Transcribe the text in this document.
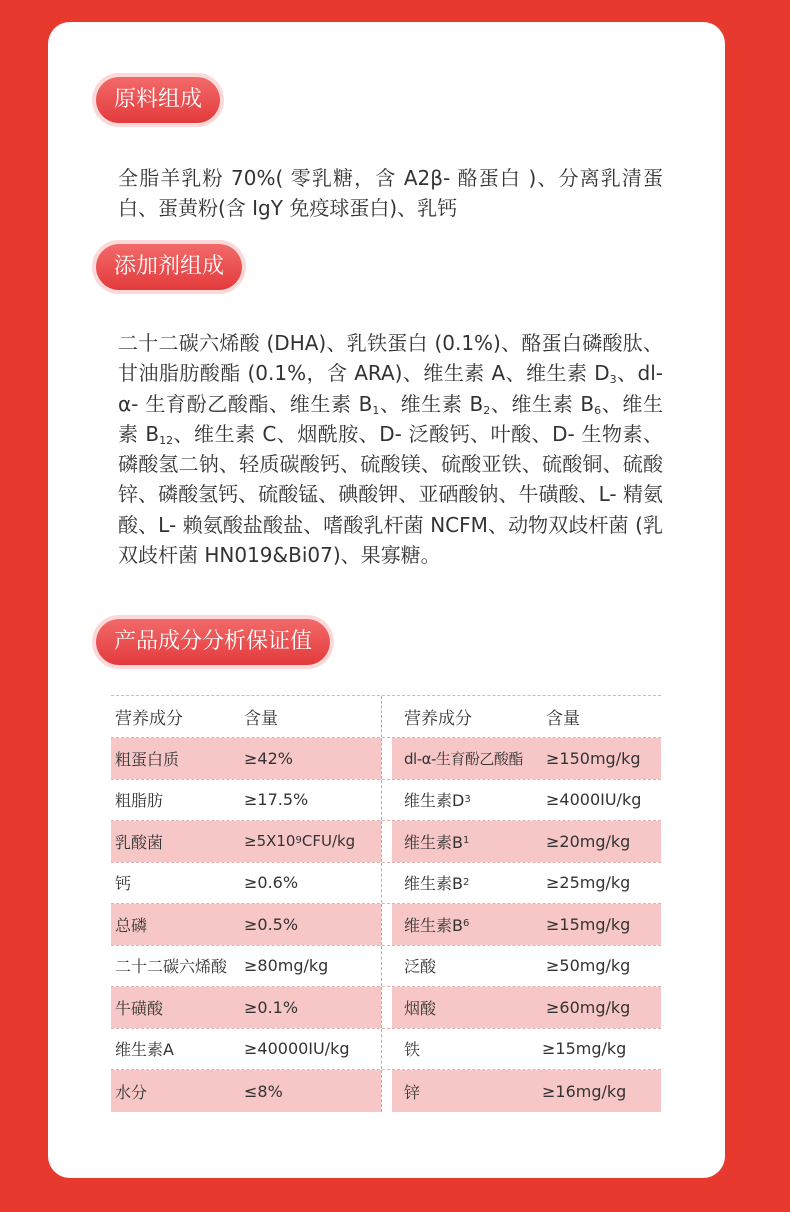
原料组成
全脂羊乳粉 70%( 零乳糖，含 A2β- 酪蛋白 )、分离乳清蛋白、蛋黄粉(含 IgY 免疫球蛋白)、乳钙
添加剂组成
二十二碳六烯酸 (DHA)、乳铁蛋白 (0.1%)、酪蛋白磷酸肽、甘油脂肪酸酯 (0.1%，含 ARA)、维生素 A、维生素 $D_3$、dl-α- 生育酚乙酸酯、维生素 $B_1$、维生素 $B_2$、维生素 $B_6$、维生素 $B_{12}$、维生素 C、烟酰胺、D- 泛酸钙、叶酸、D- 生物素、磷酸氢二钠、轻质碳酸钙、硫酸镁、硫酸亚铁、硫酸铜、硫酸锌、磷酸氢钙、硫酸锰、碘酸钾、亚硒酸钠、牛磺酸、L- 精氨酸、L- 赖氨酸盐酸盐、嗜酸乳杆菌 NCFM、动物双歧杆菌 (乳双歧杆菌 HN019&Bi07)、果寡糖。
产品成分分析保证值
营养成分	含量	营养成分	含量
粗蛋白质	≥42%	dl-α-生育酚乙酸酯 ≥150mg/kg
粗脂肪	≥17.5%	维生素D 3	≥4000IU/kg
乳酸菌	≥5X10 9 CFU/kg	维生素B 1	≥20mg/kg
钙	≥0.6%	维生素B 2	≥25mg/kg
总磷	≥0.5%	维生素B 6	≥15mg/kg
二十二碳六烯酸 ≥80mg/kg	泛酸	≥50mg/kg
牛磺酸	≥0.1%	烟酸	≥60mg/kg
维生素A	≥40000IU/kg	铁	≥15mg/kg
水分	≤8%	锌	≥16mg/kg
